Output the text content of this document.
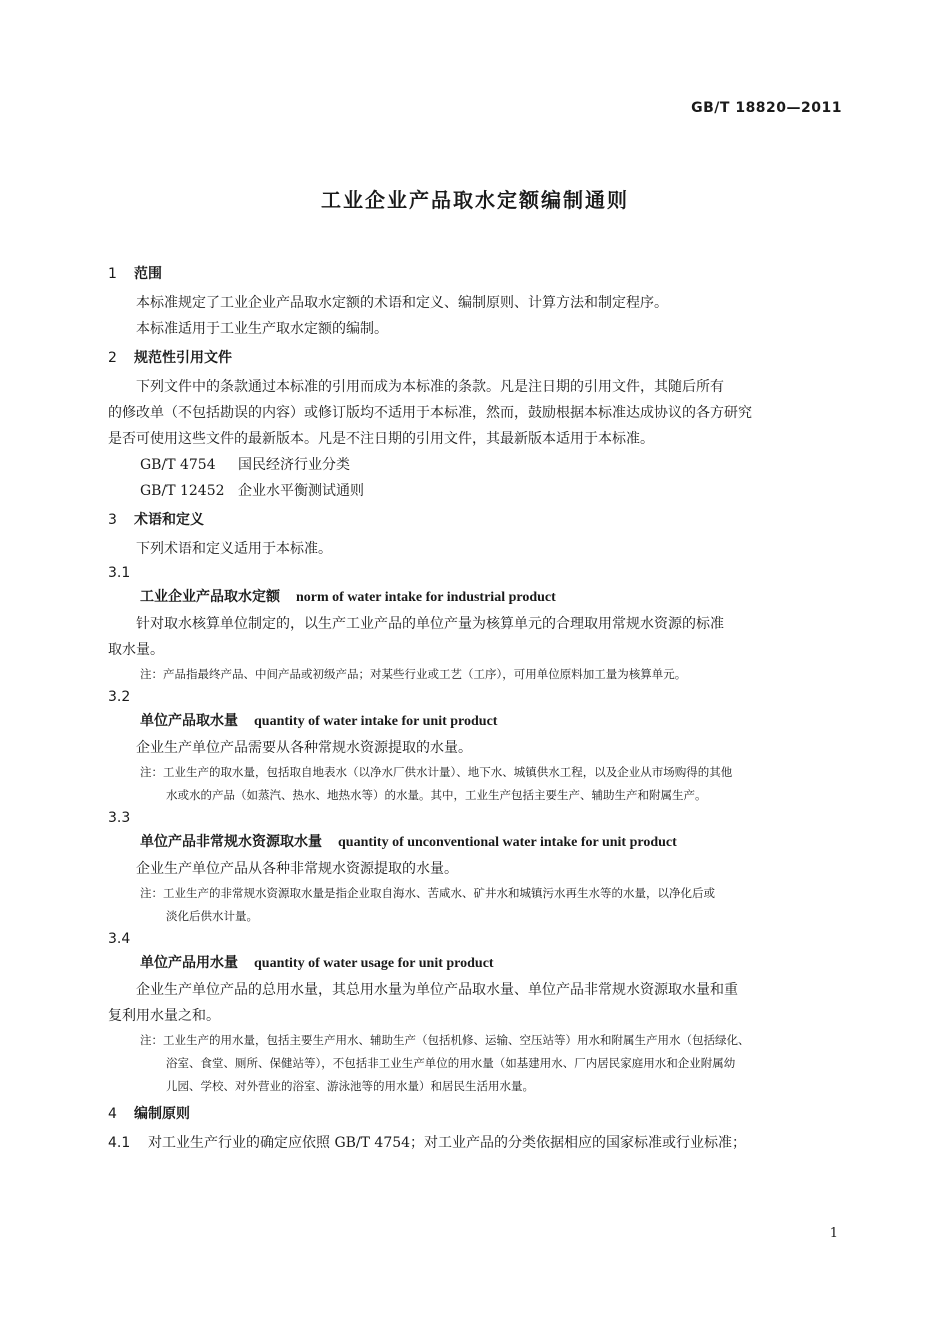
GB/T 18820—2011
工业企业产品取水定额编制通则

1 范围

本标准规定了工业企业产品取水定额的术语和定义、编制原则、计算方法和制定程序。

本标准适用于工业生产取水定额的编制。

2 规范性引用文件

下列文件中的条款通过本标准的引用而成为本标准的条款。凡是注日期的引用文件，其随后所有

的修改单（不包括勘误的内容）或修订版均不适用于本标准，然而，鼓励根据本标准达成协议的各方研究

是否可使用这些文件的最新版本。凡是不注日期的引用文件，其最新版本适用于本标准。

GB/T 4754 国民经济行业分类

GB/T 12452 企业水平衡测试通则

3 术语和定义

下列术语和定义适用于本标准。

3.1

工业企业产品取水定额 norm of water intake for industrial product

针对取水核算单位制定的，以生产工业产品的单位产量为核算单元的合理取用常规水资源的标准

取水量。

注：产品指最终产品、中间产品或初级产品；对某些行业或工艺（工序），可用单位原料加工量为核算单元。

3.2

单位产品取水量 quantity of water intake for unit product

企业生产单位产品需要从各种常规水资源提取的水量。

注：工业生产的取水量，包括取自地表水（以净水厂供水计量）、地下水、城镇供水工程，以及企业从市场购得的其他

水或水的产品（如蒸汽、热水、地热水等）的水量。其中，工业生产包括主要生产、辅助生产和附属生产。

3.3

单位产品非常规水资源取水量 quantity of unconventional water intake for unit product

企业生产单位产品从各种非常规水资源提取的水量。

注：工业生产的非常规水资源取水量是指企业取自海水、苦咸水、矿井水和城镇污水再生水等的水量，以净化后或

淡化后供水计量。

3.4

单位产品用水量 quantity of water usage for unit product

企业生产单位产品的总用水量，其总用水量为单位产品取水量、单位产品非常规水资源取水量和重

复利用水量之和。

注：工业生产的用水量，包括主要生产用水、辅助生产（包括机修、运输、空压站等）用水和附属生产用水（包括绿化、

浴室、食堂、厕所、保健站等），不包括非工业生产单位的用水量（如基建用水、厂内居民家庭用水和企业附属幼

儿园、学校、对外营业的浴室、游泳池等的用水量）和居民生活用水量。

4 编制原则

4.1 对工业生产行业的确定应依照 GB/T 4754；对工业产品的分类依据相应的国家标准或行业标准；

1
